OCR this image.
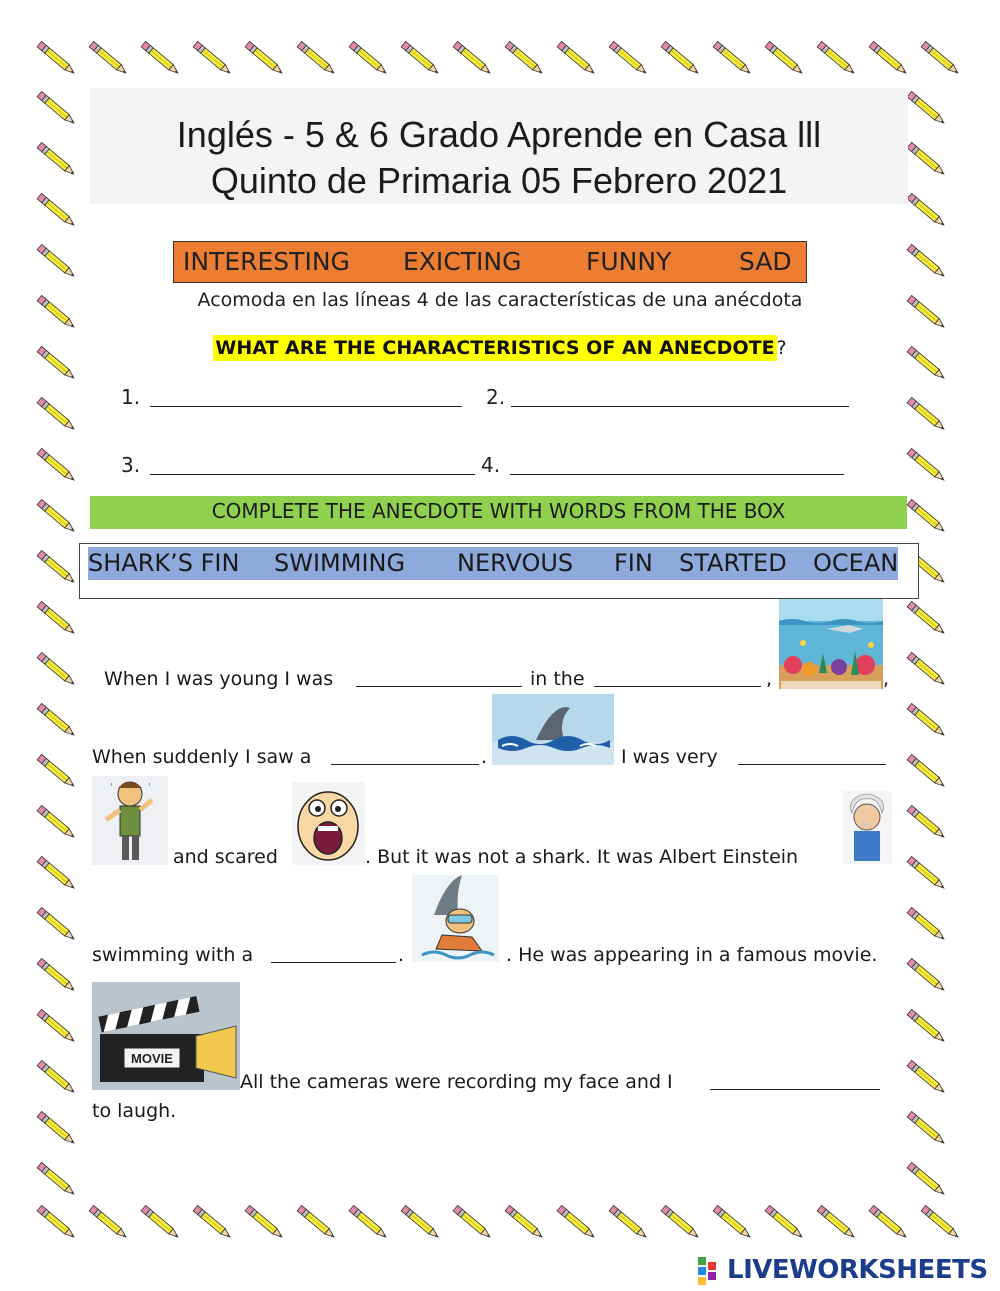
Inglés - 5 & 6 Grado Aprende en Casa lll
Quinto de Primaria 05 Febrero 2021
INTERESTING EXICTING	FUNNY	SAD
Acomoda en las líneas 4 de las características de una anécdota
WHAT ARE THE CHARACTERISTICS OF AN ANECDOTE ?
1.	2.
3.	4.
COMPLETE THE ANECDOTE WITH WORDS FROM THE BOX
SHARK’S FIN SWIMMING NERVOUS FIN STARTED OCEAN
When I was young I was	in the	,	,
When suddenly I saw a	.	I was very
'
'
and scared	. But it was not a shark. It was Albert Einstein
swimming with a	.	. He was appearing in a famous movie.
MOVIE
All the cameras were recording my face and I
to laugh.
LIVEWORKSHEETS
